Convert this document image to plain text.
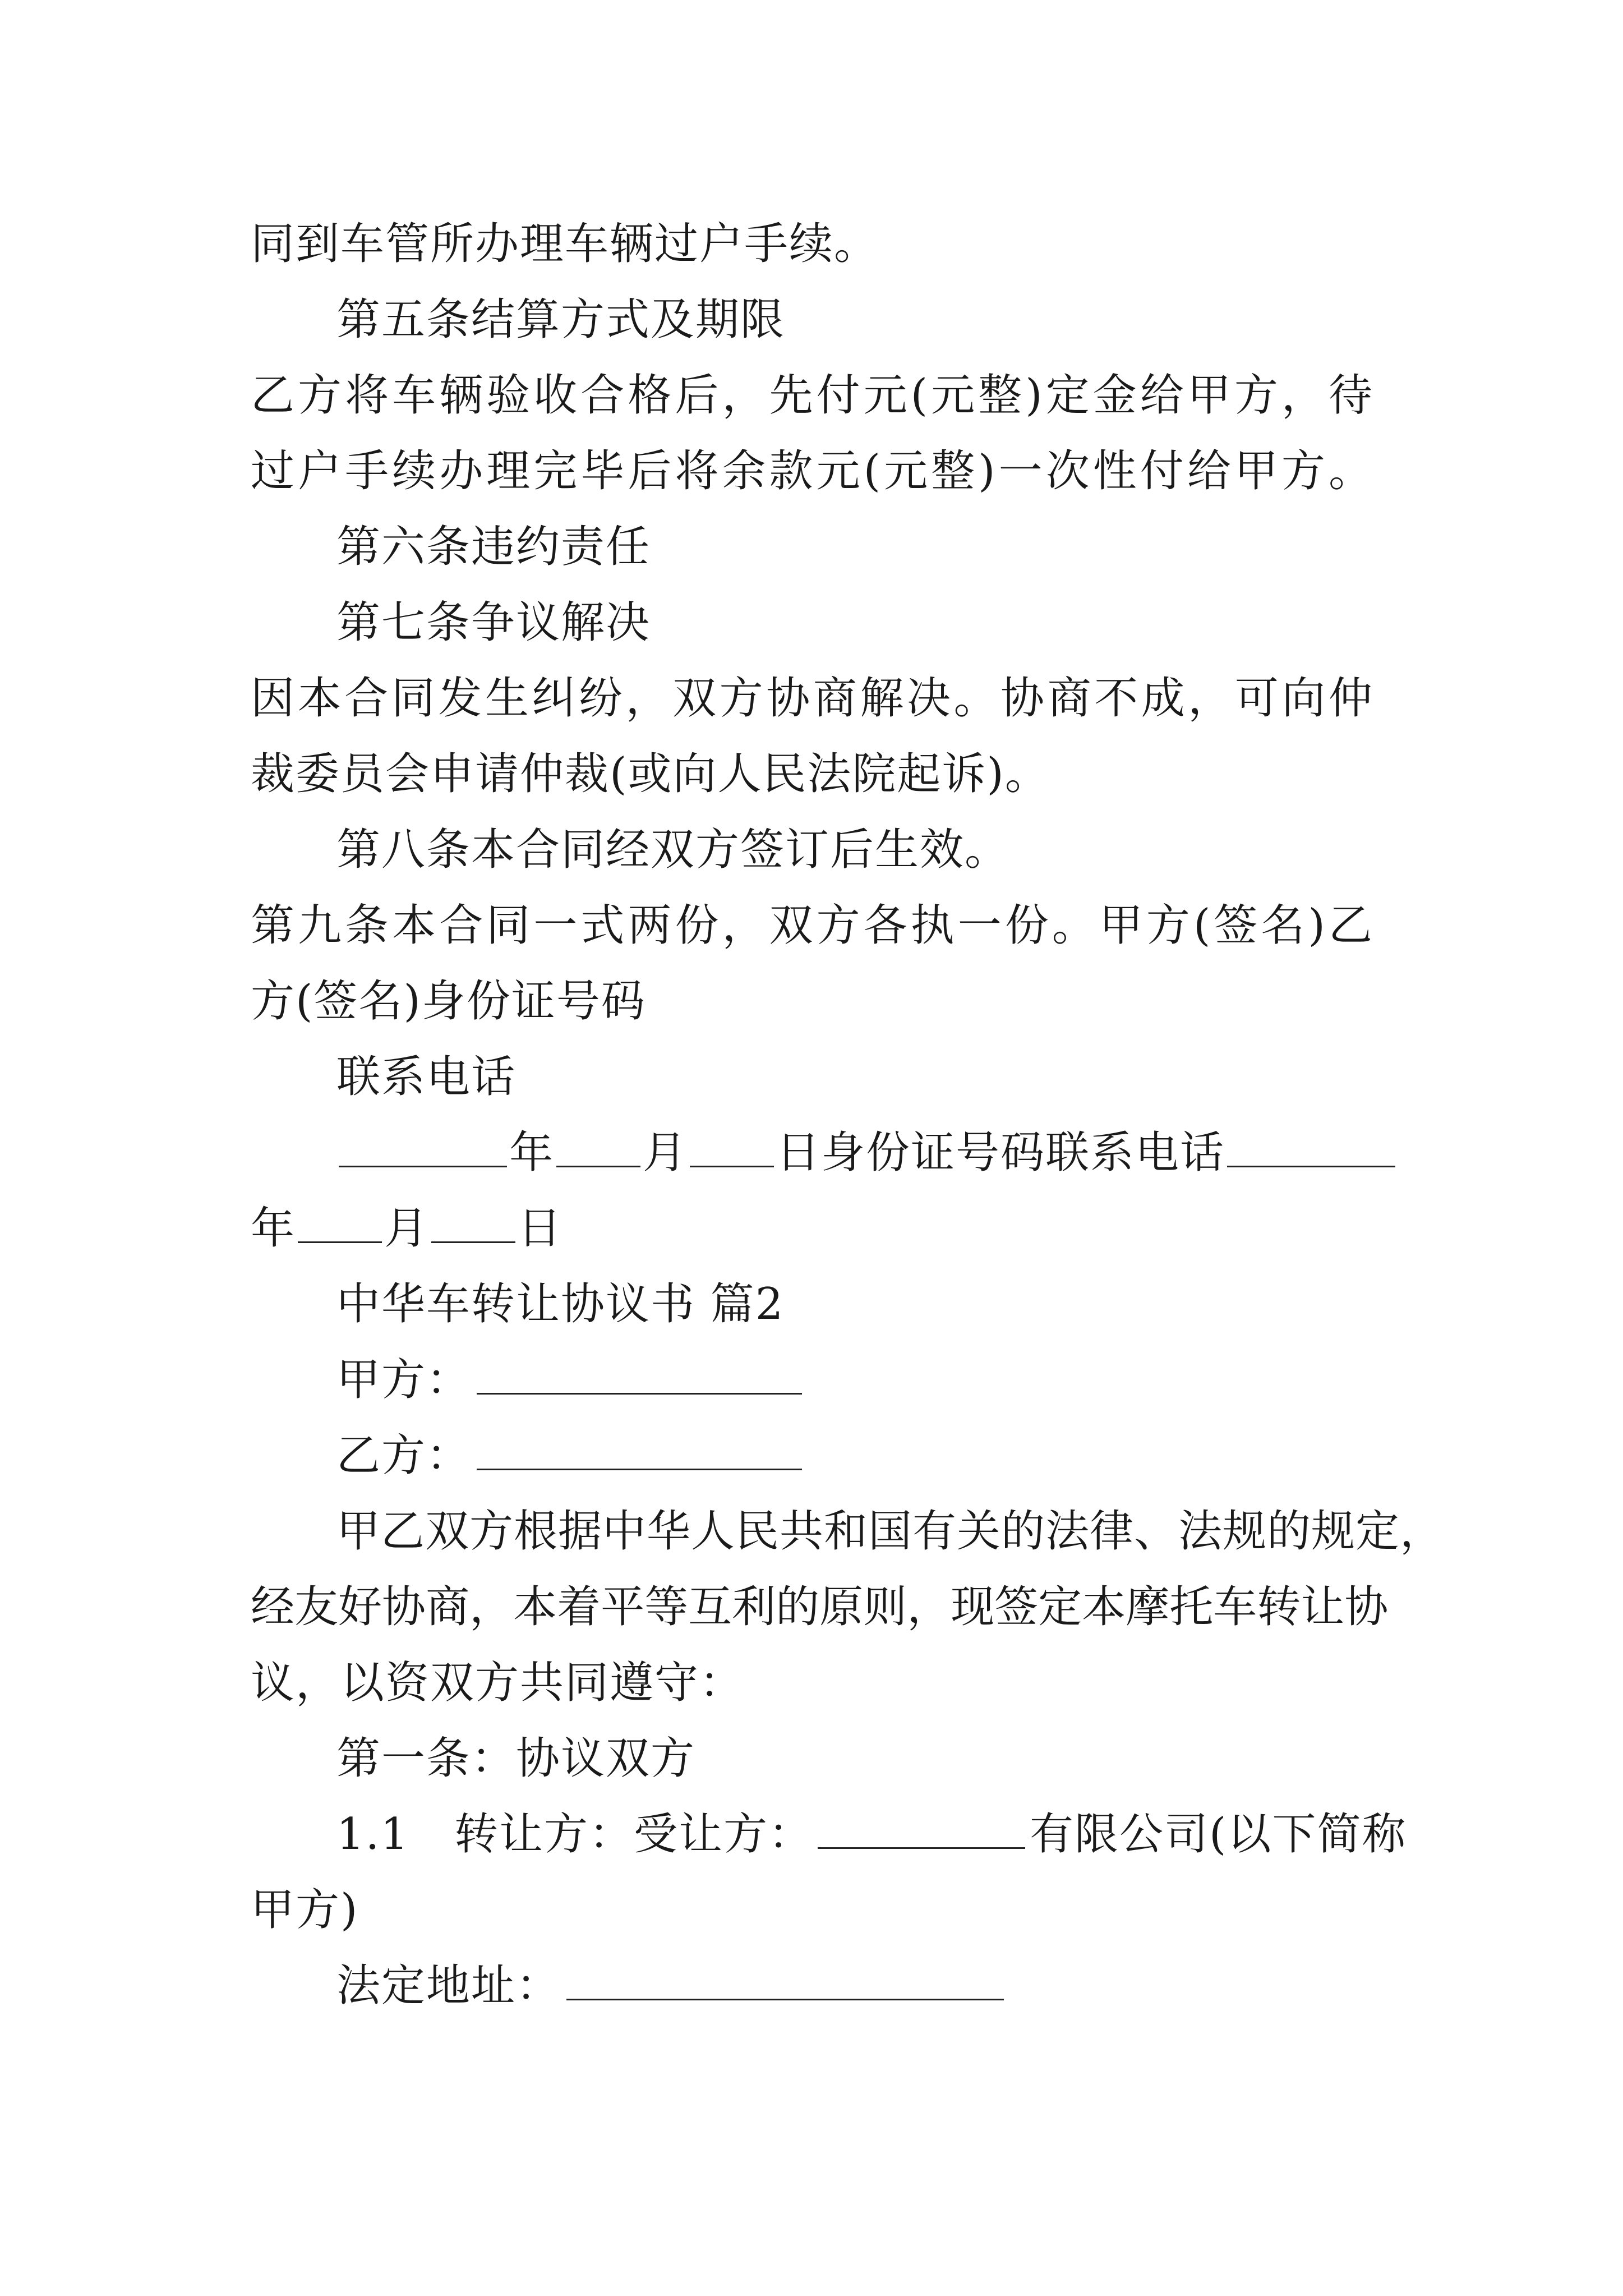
同到车管所办理车辆过户手续。
第五条结算方式及期限
乙 方 将 车 辆 验 收 合 格 后 ， 先 付 元 ( 元 整 ) 定 金 给 甲 方 ， 待
过 户 手 续 办 理 完 毕 后 将 余 款 元 ( 元 整 ) 一 次 性 付 给 甲 方 。
第六条违约责任
第七条争议解决
因 本 合 同 发 生 纠 纷 ， 双 方 协 商 解 决 。 协 商 不 成 ， 可 向 仲
裁委员会申请仲裁(或向人民法院起诉)。
第八条本合同经双方签订后生效。
第 九 条 本 合 同 一 式 两 份 ， 双 方 各 执 一 份 。 甲 方 ( 签 名 ) 乙
方(签名)身份证号码
联系电话
年 月 日身份证号码联系电话
年 月 日
中华车转让协议书 篇2
甲方：
乙方：
甲乙双方根据中华人民共和国有关的法律、法规的规定，
经 友 好 协 商 ， 本 着 平 等 互 利 的 原 则 ， 现 签 定 本 摩 托 车 转 让 协
议，以资双方共同遵守：
第一条：协议双方
1.1　转让方：受让方：	有限公司(以下简称
甲方)
法定地址：
